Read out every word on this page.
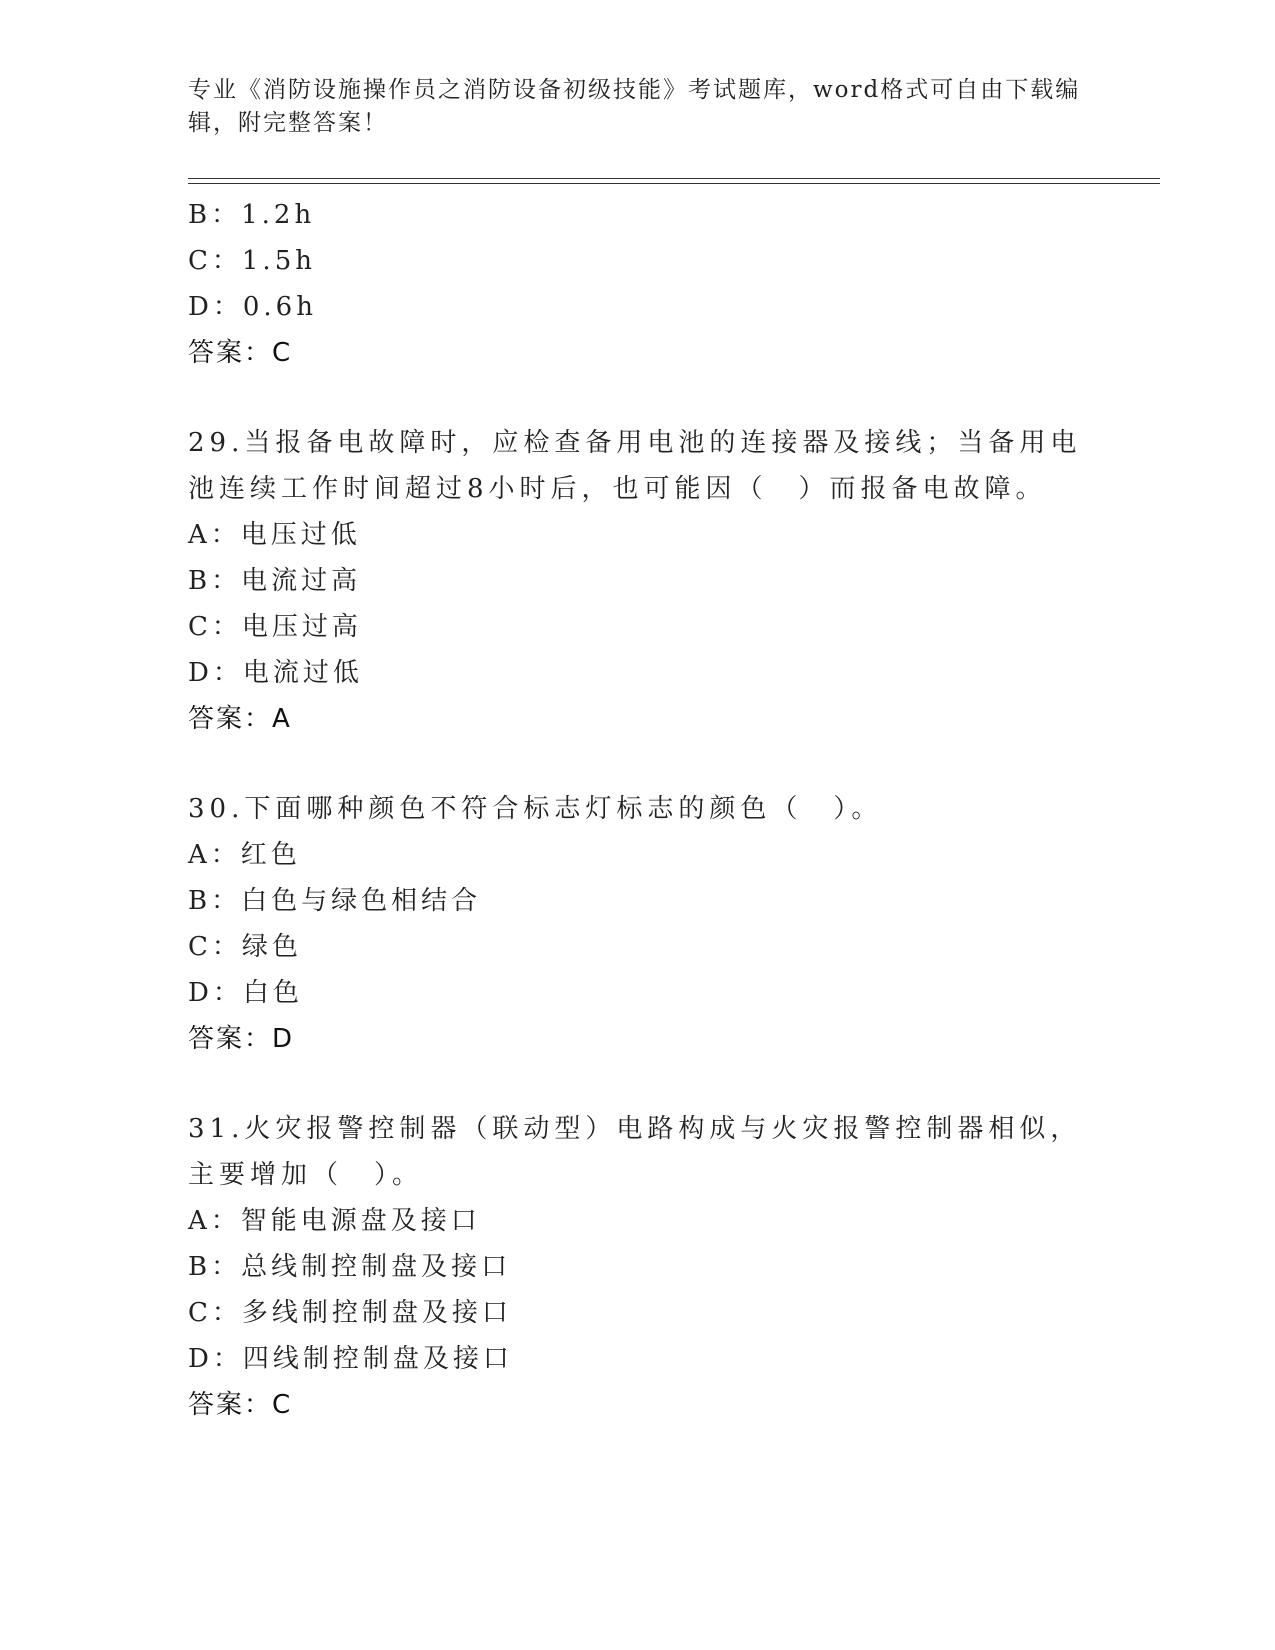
专业《消防设施操作员之消防设备初级技能》考试题库，word格式可自由下载编辑，附完整答案！
B：1.2h
C：1.5h
D：0.6h
答案：C
29.当报备电故障时，应检查备用电池的连接器及接线；当备用电池连续工作时间超过8小时后，也可能因（　）而报备电故障。
A：电压过低
B：电流过高
C：电压过高
D：电流过低
答案：A
30.下面哪种颜色不符合标志灯标志的颜色（　）。
A：红色
B：白色与绿色相结合
C：绿色
D：白色
答案：D
31.火灾报警控制器（联动型）电路构成与火灾报警控制器相似，主要增加（　）。
A：智能电源盘及接口
B：总线制控制盘及接口
C：多线制控制盘及接口
D：四线制控制盘及接口
答案：C
